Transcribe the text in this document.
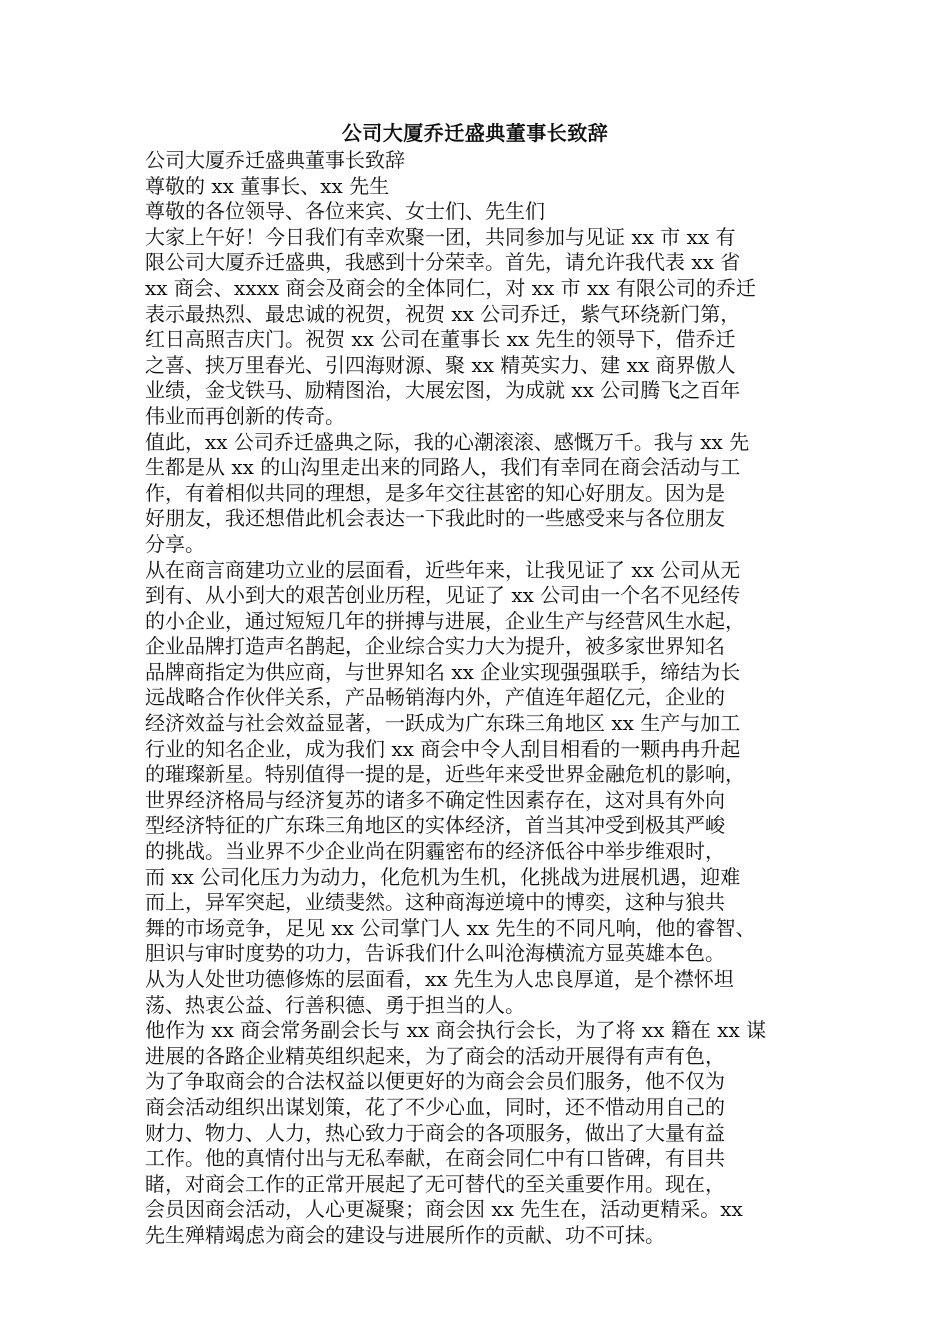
公司大厦乔迁盛典董事长致辞
公司大厦乔迁盛典董事长致辞
尊敬的 xx 董事长、xx 先生
尊敬的各位领导、各位来宾、女士们、先生们
大家上午好！今日我们有幸欢聚一团，共同参加与见证 xx 市 xx 有
限公司大厦乔迁盛典，我感到十分荣幸。首先，请允许我代表 xx 省
xx 商会、xxxx 商会及商会的全体同仁，对 xx 市 xx 有限公司的乔迁
表示最热烈、最忠诚的祝贺，祝贺 xx 公司乔迁，紫气环绕新门第，
红日高照吉庆门。祝贺 xx 公司在董事长 xx 先生的领导下，借乔迁
之喜、挟万里春光、引四海财源、聚 xx 精英实力、建 xx 商界傲人
业绩，金戈铁马、励精图治，大展宏图，为成就 xx 公司腾飞之百年
伟业而再创新的传奇。
值此，xx 公司乔迁盛典之际，我的心潮滚滚、感慨万千。我与 xx 先
生都是从 xx 的山沟里走出来的同路人，我们有幸同在商会活动与工
作，有着相似共同的理想，是多年交往甚密的知心好朋友。因为是
好朋友，我还想借此机会表达一下我此时的一些感受来与各位朋友
分享。
从在商言商建功立业的层面看，近些年来，让我见证了 xx 公司从无
到有、从小到大的艰苦创业历程，见证了 xx 公司由一个名不见经传
的小企业，通过短短几年的拼搏与进展，企业生产与经营风生水起，
企业品牌打造声名鹊起，企业综合实力大为提升，被多家世界知名
品牌商指定为供应商，与世界知名 xx 企业实现强强联手，缔结为长
远战略合作伙伴关系，产品畅销海内外，产值连年超亿元，企业的
经济效益与社会效益显著，一跃成为广东珠三角地区 xx 生产与加工
行业的知名企业，成为我们 xx 商会中令人刮目相看的一颗冉冉升起
的璀璨新星。特别值得一提的是，近些年来受世界金融危机的影响，
世界经济格局与经济复苏的诸多不确定性因素存在，这对具有外向
型经济特征的广东珠三角地区的实体经济，首当其冲受到极其严峻
的挑战。当业界不少企业尚在阴霾密布的经济低谷中举步维艰时，
而 xx 公司化压力为动力，化危机为生机，化挑战为进展机遇，迎难
而上，异军突起，业绩斐然。这种商海逆境中的博奕，这种与狼共
舞的市场竞争，足见 xx 公司掌门人 xx 先生的不同凡响，他的睿智、
胆识与审时度势的功力，告诉我们什么叫沧海横流方显英雄本色。
从为人处世功德修炼的层面看，xx 先生为人忠良厚道，是个襟怀坦
荡、热衷公益、行善积德、勇于担当的人。
他作为 xx 商会常务副会长与 xx 商会执行会长，为了将 xx 籍在 xx 谋
进展的各路企业精英组织起来，为了商会的活动开展得有声有色，
为了争取商会的合法权益以便更好的为商会会员们服务，他不仅为
商会活动组织出谋划策，花了不少心血，同时，还不惜动用自己的
财力、物力、人力，热心致力于商会的各项服务，做出了大量有益
工作。他的真情付出与无私奉献，在商会同仁中有口皆碑，有目共
睹，对商会工作的正常开展起了无可替代的至关重要作用。现在，
会员因商会活动，人心更凝聚；商会因 xx 先生在，活动更精采。xx
先生殚精竭虑为商会的建设与进展所作的贡献、功不可抹。
